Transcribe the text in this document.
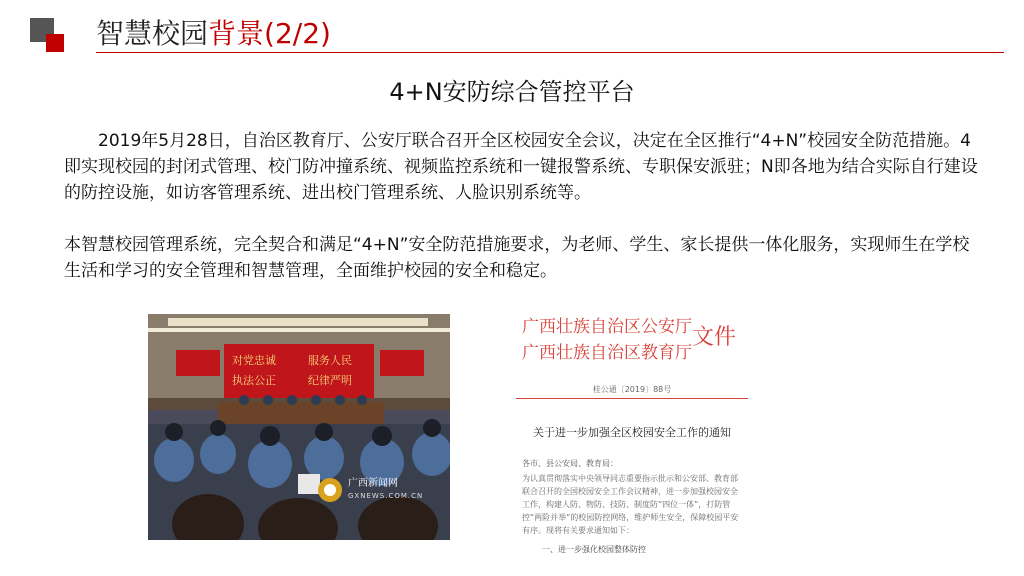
智慧校园背景(2/2)
4+N安防综合管控平台
2019年5月28日，自治区教育厅、公安厅联合召开全区校园安全会议，决定在全区推行“4+N”校园安全防范措施。4即实现校园的封闭式管理、校门防冲撞系统、视频监控系统和一键报警系统、专职保安派驻；N即各地为结合实际自行建设的防控设施，如访客管理系统、进出校门管理系统、人脸识别系统等。
本智慧校园管理系统，完全契合和满足“4+N”安全防范措施要求，为老师、学生、家长提供一体化服务，实现师生在学校生活和学习的安全管理和智慧管理，全面维护校园的安全和稳定。
对党忠诚
执法公正
服务人民
纪律严明
广西新闻网
GXNEWS.COM.CN
广西壮族自治区公安厅
广西壮族自治区教育厅
文件
桂公通〔2019〕88号
关于进一步加强全区校园安全工作的通知
各市、县公安局、教育局：
为认真贯彻落实中央领导同志重要指示批示和公安部、教育部联合召开的全国校园安全工作会议精神，进一步加强校园安全工作，构建人防、物防、技防、制度防“四位一体”，打防管控“两险并举”的校园防控网络，维护师生安全，保障校园平安有序。现将有关要求通知如下：
一、进一步强化校园整体防控
